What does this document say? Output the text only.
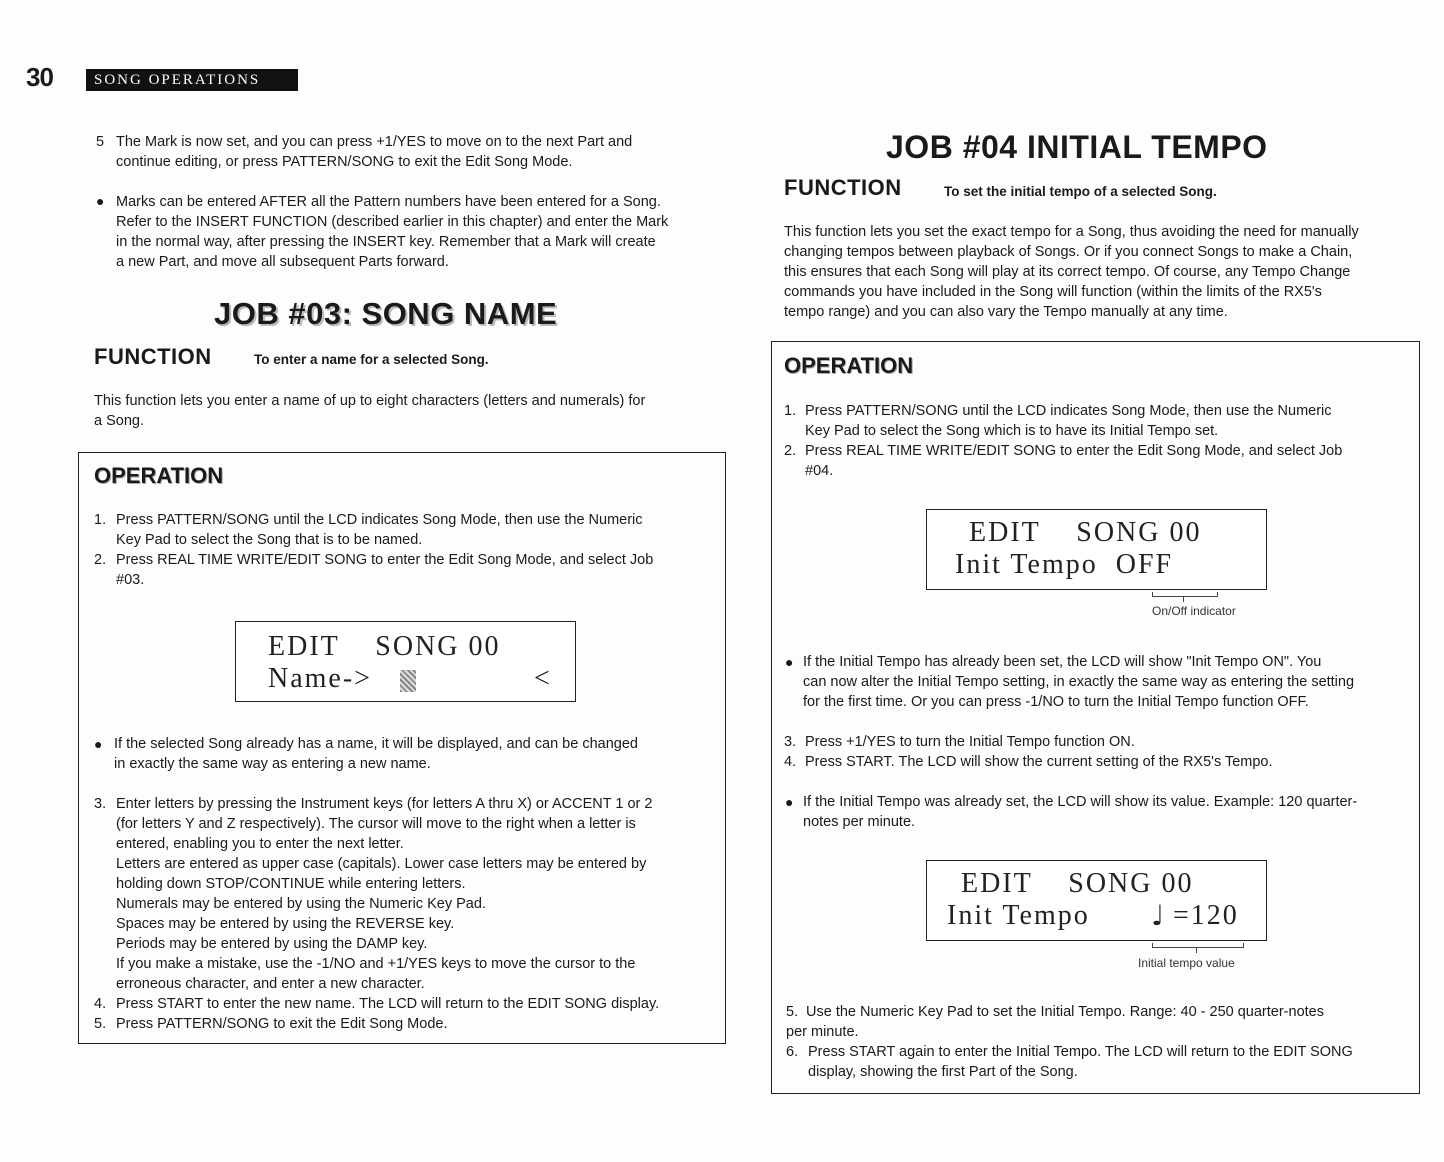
30	SONG OPERATIONS
5 The Mark is now set, and you can press +1/YES to move on to the next Part and
continue editing, or press PATTERN/SONG to exit the Edit Song Mode.
● Marks can be entered AFTER all the Pattern numbers have been entered for a Song.
Refer to the INSERT FUNCTION (described earlier in this chapter) and enter the Mark
in the normal way, after pressing the INSERT key. Remember that a Mark will create
a new Part, and move all subsequent Parts forward.
JOB #03: SONG NAME
FUNCTION	To enter a name for a selected Song.
This function lets you enter a name of up to eight characters (letters and numerals) for
a Song.
OPERATION
1. Press PATTERN/SONG until the LCD indicates Song Mode, then use the Numeric
Key Pad to select the Song that is to be named.
2. Press REAL TIME WRITE/EDIT SONG to enter the Edit Song Mode, and select Job
#03.
EDIT    SONG 00
Name->	<
● If the selected Song already has a name, it will be displayed, and can be changed
in exactly the same way as entering a new name.
3. Enter letters by pressing the Instrument keys (for letters A thru X) or ACCENT 1 or 2
(for letters Y and Z respectively). The cursor will move to the right when a letter is
entered, enabling you to enter the next letter.
Letters are entered as upper case (capitals). Lower case letters may be entered by
holding down STOP/CONTINUE while entering letters.
Numerals may be entered by using the Numeric Key Pad.
Spaces may be entered by using the REVERSE key.
Periods may be entered by using the DAMP key.
If you make a mistake, use the -1/NO and +1/YES keys to move the cursor to the
erroneous character, and enter a new character.
4. Press START to enter the new name. The LCD will return to the EDIT SONG display.
5. Press PATTERN/SONG to exit the Edit Song Mode.
JOB #04 INITIAL TEMPO
FUNCTION	To set the initial tempo of a selected Song.
This function lets you set the exact tempo for a Song, thus avoiding the need for manually
changing tempos between playback of Songs. Or if you connect Songs to make a Chain,
this ensures that each Song will play at its correct tempo. Of course, any Tempo Change
commands you have included in the Song will function (within the limits of the RX5's
tempo range) and you can also vary the Tempo manually at any time.
OPERATION
1. Press PATTERN/SONG until the LCD indicates Song Mode, then use the Numeric
Key Pad to select the Song which is to have its Initial Tempo set.
2. Press REAL TIME WRITE/EDIT SONG to enter the Edit Song Mode, and select Job
#04.
EDIT    SONG 00
Init Tempo  OFF
On/Off indicator
● If the Initial Tempo has already been set, the LCD will show "Init Tempo ON". You
can now alter the Initial Tempo setting, in exactly the same way as entering the setting
for the first time. Or you can press -1/NO to turn the Initial Tempo function OFF.
3. Press +1/YES to turn the Initial Tempo function ON.
4. Press START. The LCD will show the current setting of the RX5's Tempo.
● If the Initial Tempo was already set, the LCD will show its value. Example: 120 quarter-
notes per minute.
EDIT    SONG 00
Init Tempo ♩ =120
Initial tempo value
5. Use the Numeric Key Pad to set the Initial Tempo. Range: 40 - 250 quarter-notes
per minute.
6. Press START again to enter the Initial Tempo. The LCD will return to the EDIT SONG
display, showing the first Part of the Song.
